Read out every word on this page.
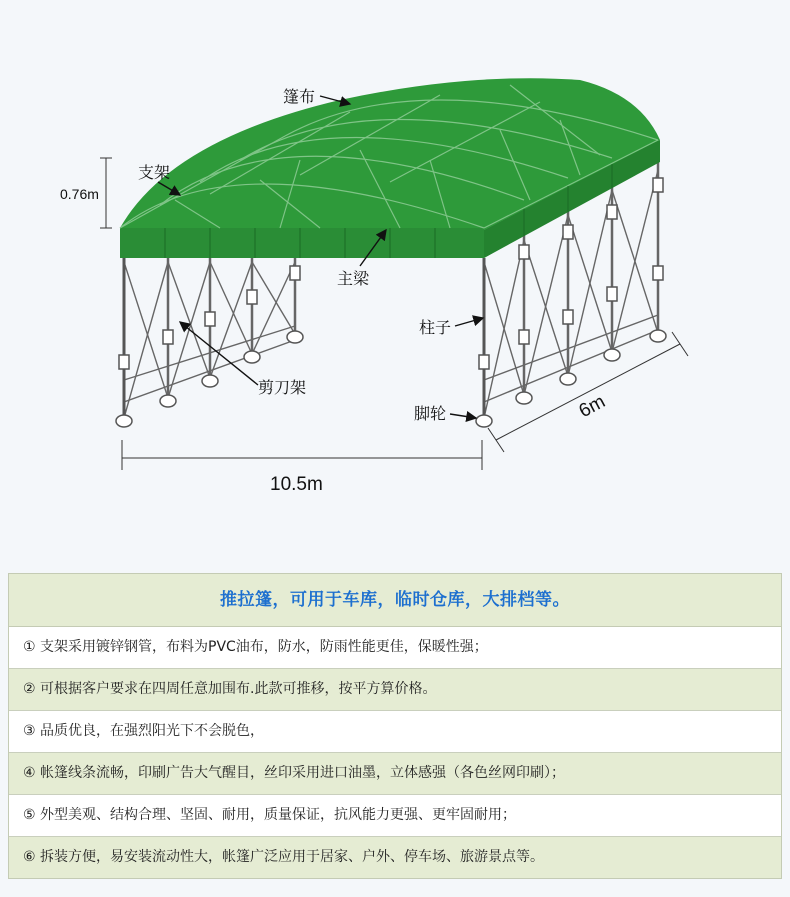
0.76m
10.5m
6m
篷布
支架
主梁
剪刀架
柱子
脚轮
推拉篷，可用于车库，临时仓库，大排档等。
① 支架采用镀锌钢管，布料为PVC油布，防水，防雨性能更佳，保暖性强；
② 可根据客户要求在四周任意加围布.此款可推移，按平方算价格。
③ 品质优良，在强烈阳光下不会脱色，
④ 帐篷线条流畅，印刷广告大气醒目，丝印采用进口油墨，立体感强（各色丝网印刷）；
⑤ 外型美观、结构合理、坚固、耐用，质量保证，抗风能力更强、更牢固耐用；
⑥ 拆装方便，易安装流动性大，帐篷广泛应用于居家、户外、停车场、旅游景点等。
